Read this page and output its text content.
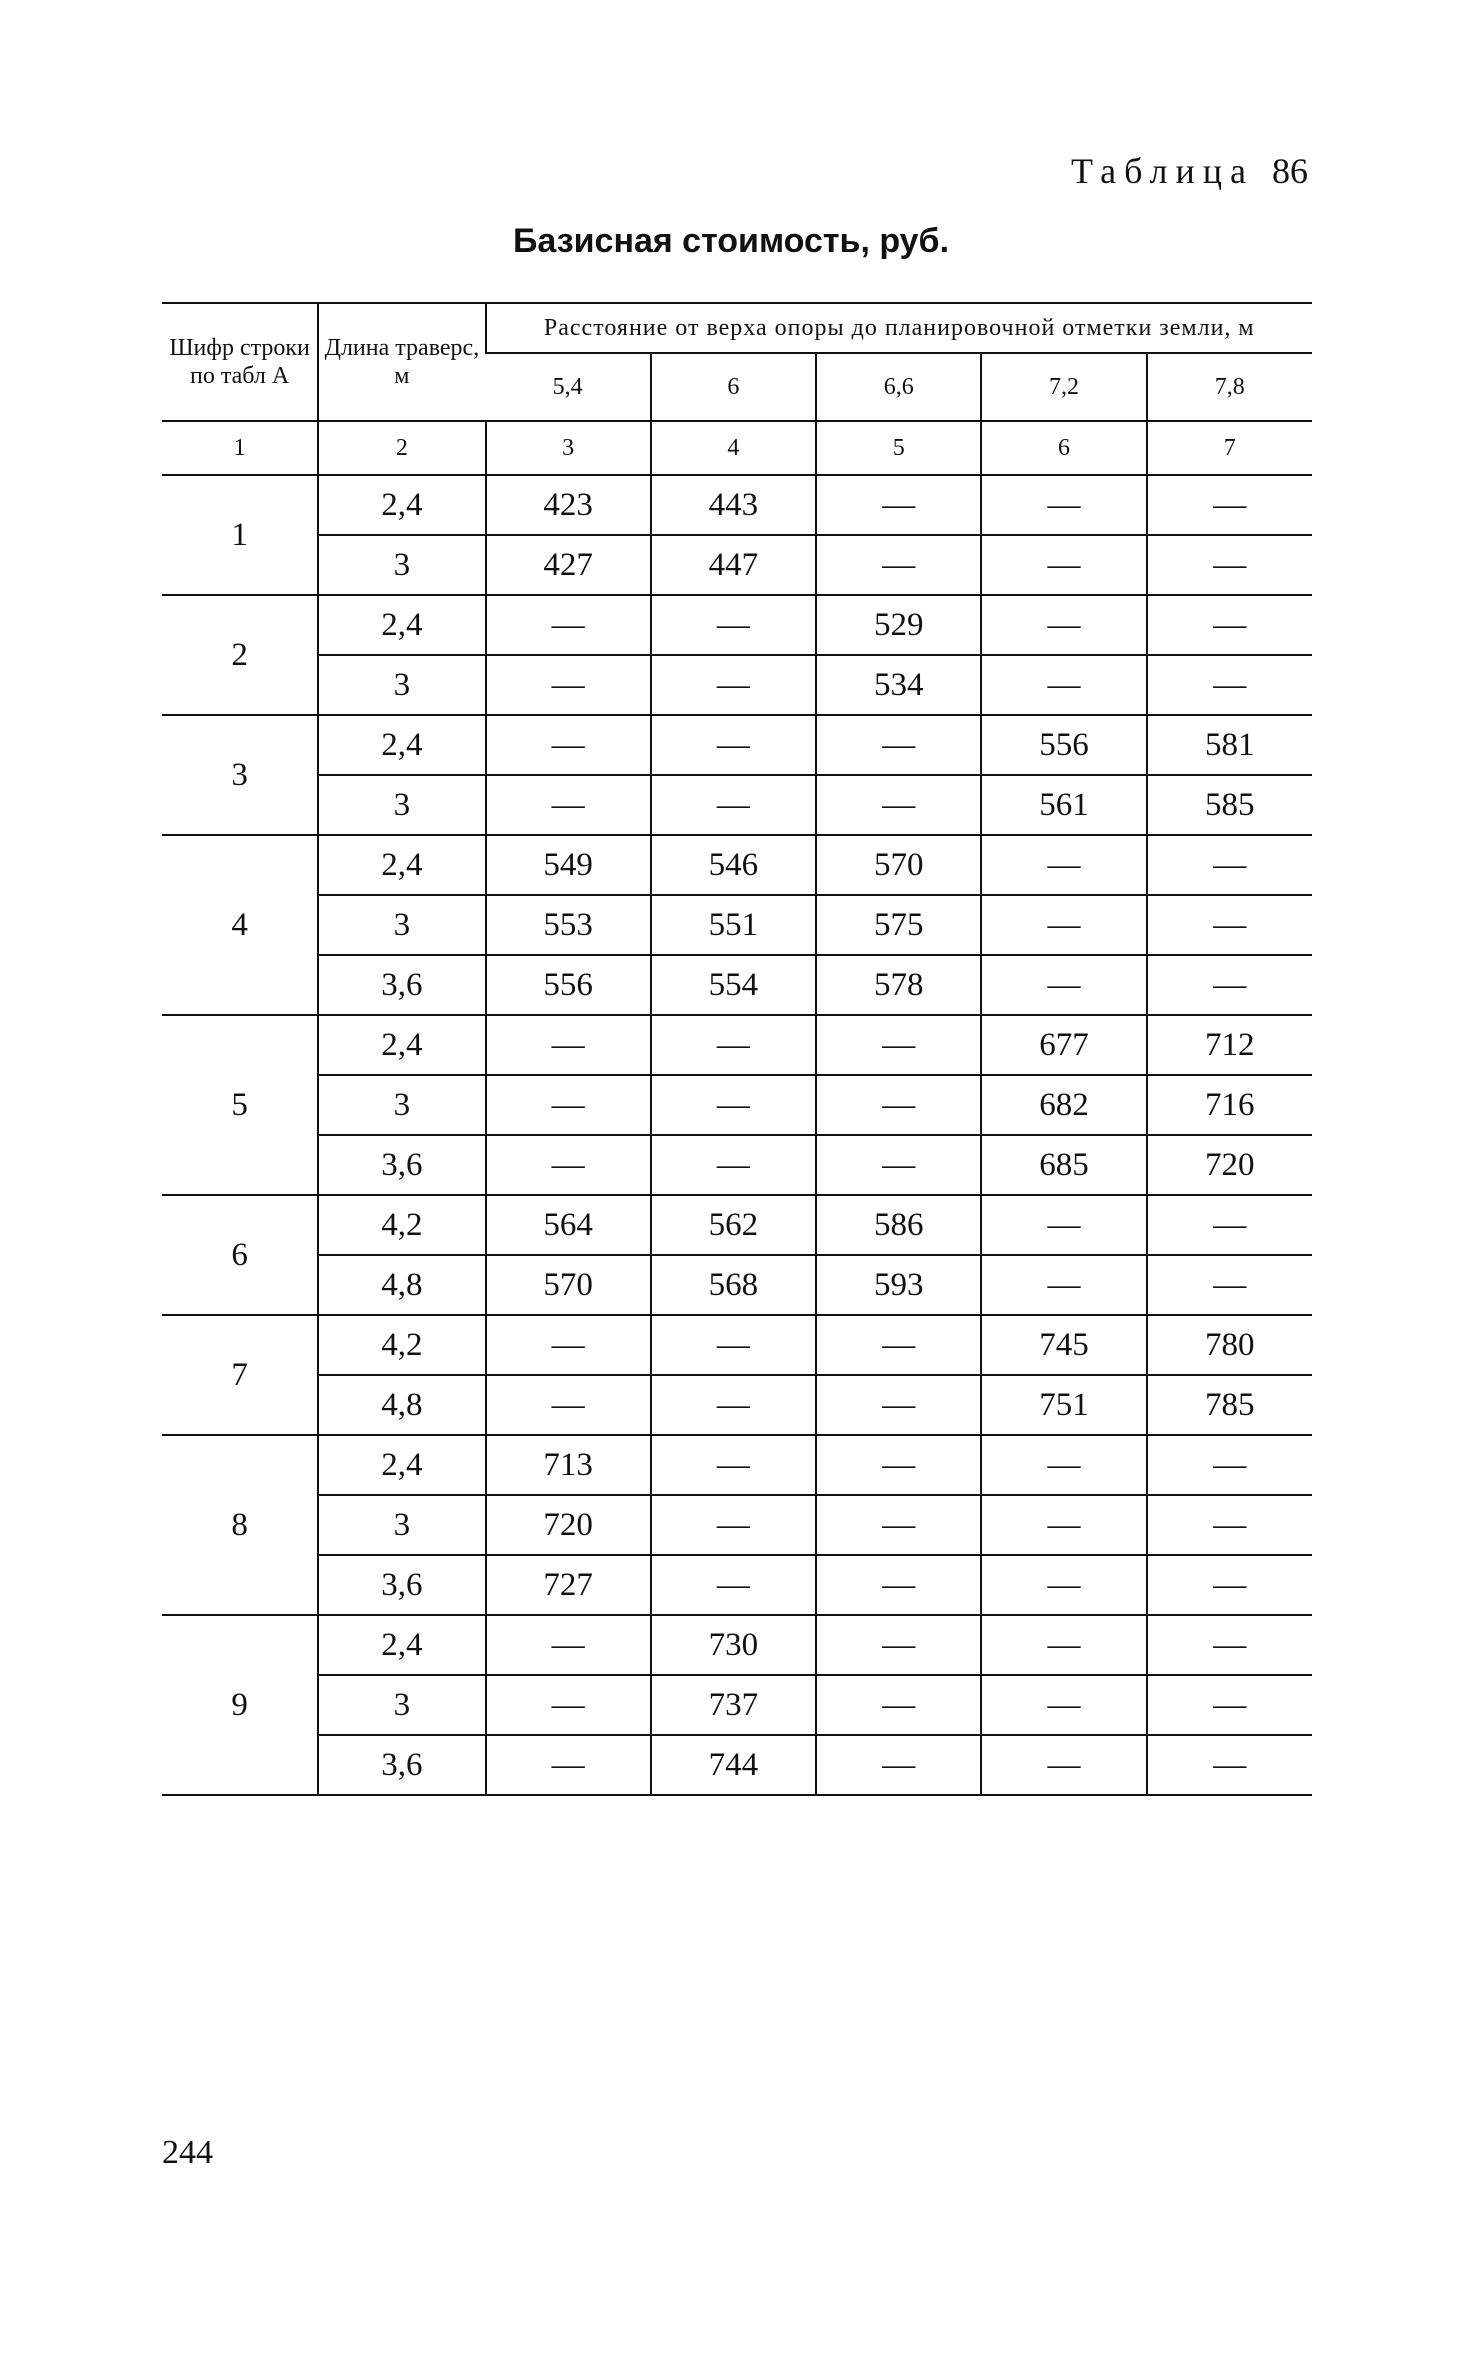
Таблица 86
Базисная стоимость, руб.
Шифр строки по табл А	Длина траверс, м	Расстояние от верха опоры до планировочной отметки земли, м				
		5,4	6	6,6	7,2	7,8
1	2	3	4	5	6	7
1	2,4	423	443	—	—	—
	3	427	447	—	—	—
2	2,4	—	—	529	—	—
	3	—	—	534	—	—
3	2,4	—	—	—	556	581
	3	—	—	—	561	585
4	2,4	549	546	570	—	—
	3	553	551	575	—	—
	3,6	556	554	578	—	—
5	2,4	—	—	—	677	712
	3	—	—	—	682	716
	3,6	—	—	—	685	720
6	4,2	564	562	586	—	—
	4,8	570	568	593	—	—
7	4,2	—	—	—	745	780
	4,8	—	—	—	751	785
8	2,4	713	—	—	—	—
	3	720	—	—	—	—
	3,6	727	—	—	—	—
9	2,4	—	730	—	—	—
	3	—	737	—	—	—
	3,6	—	744	—	—	—
244
